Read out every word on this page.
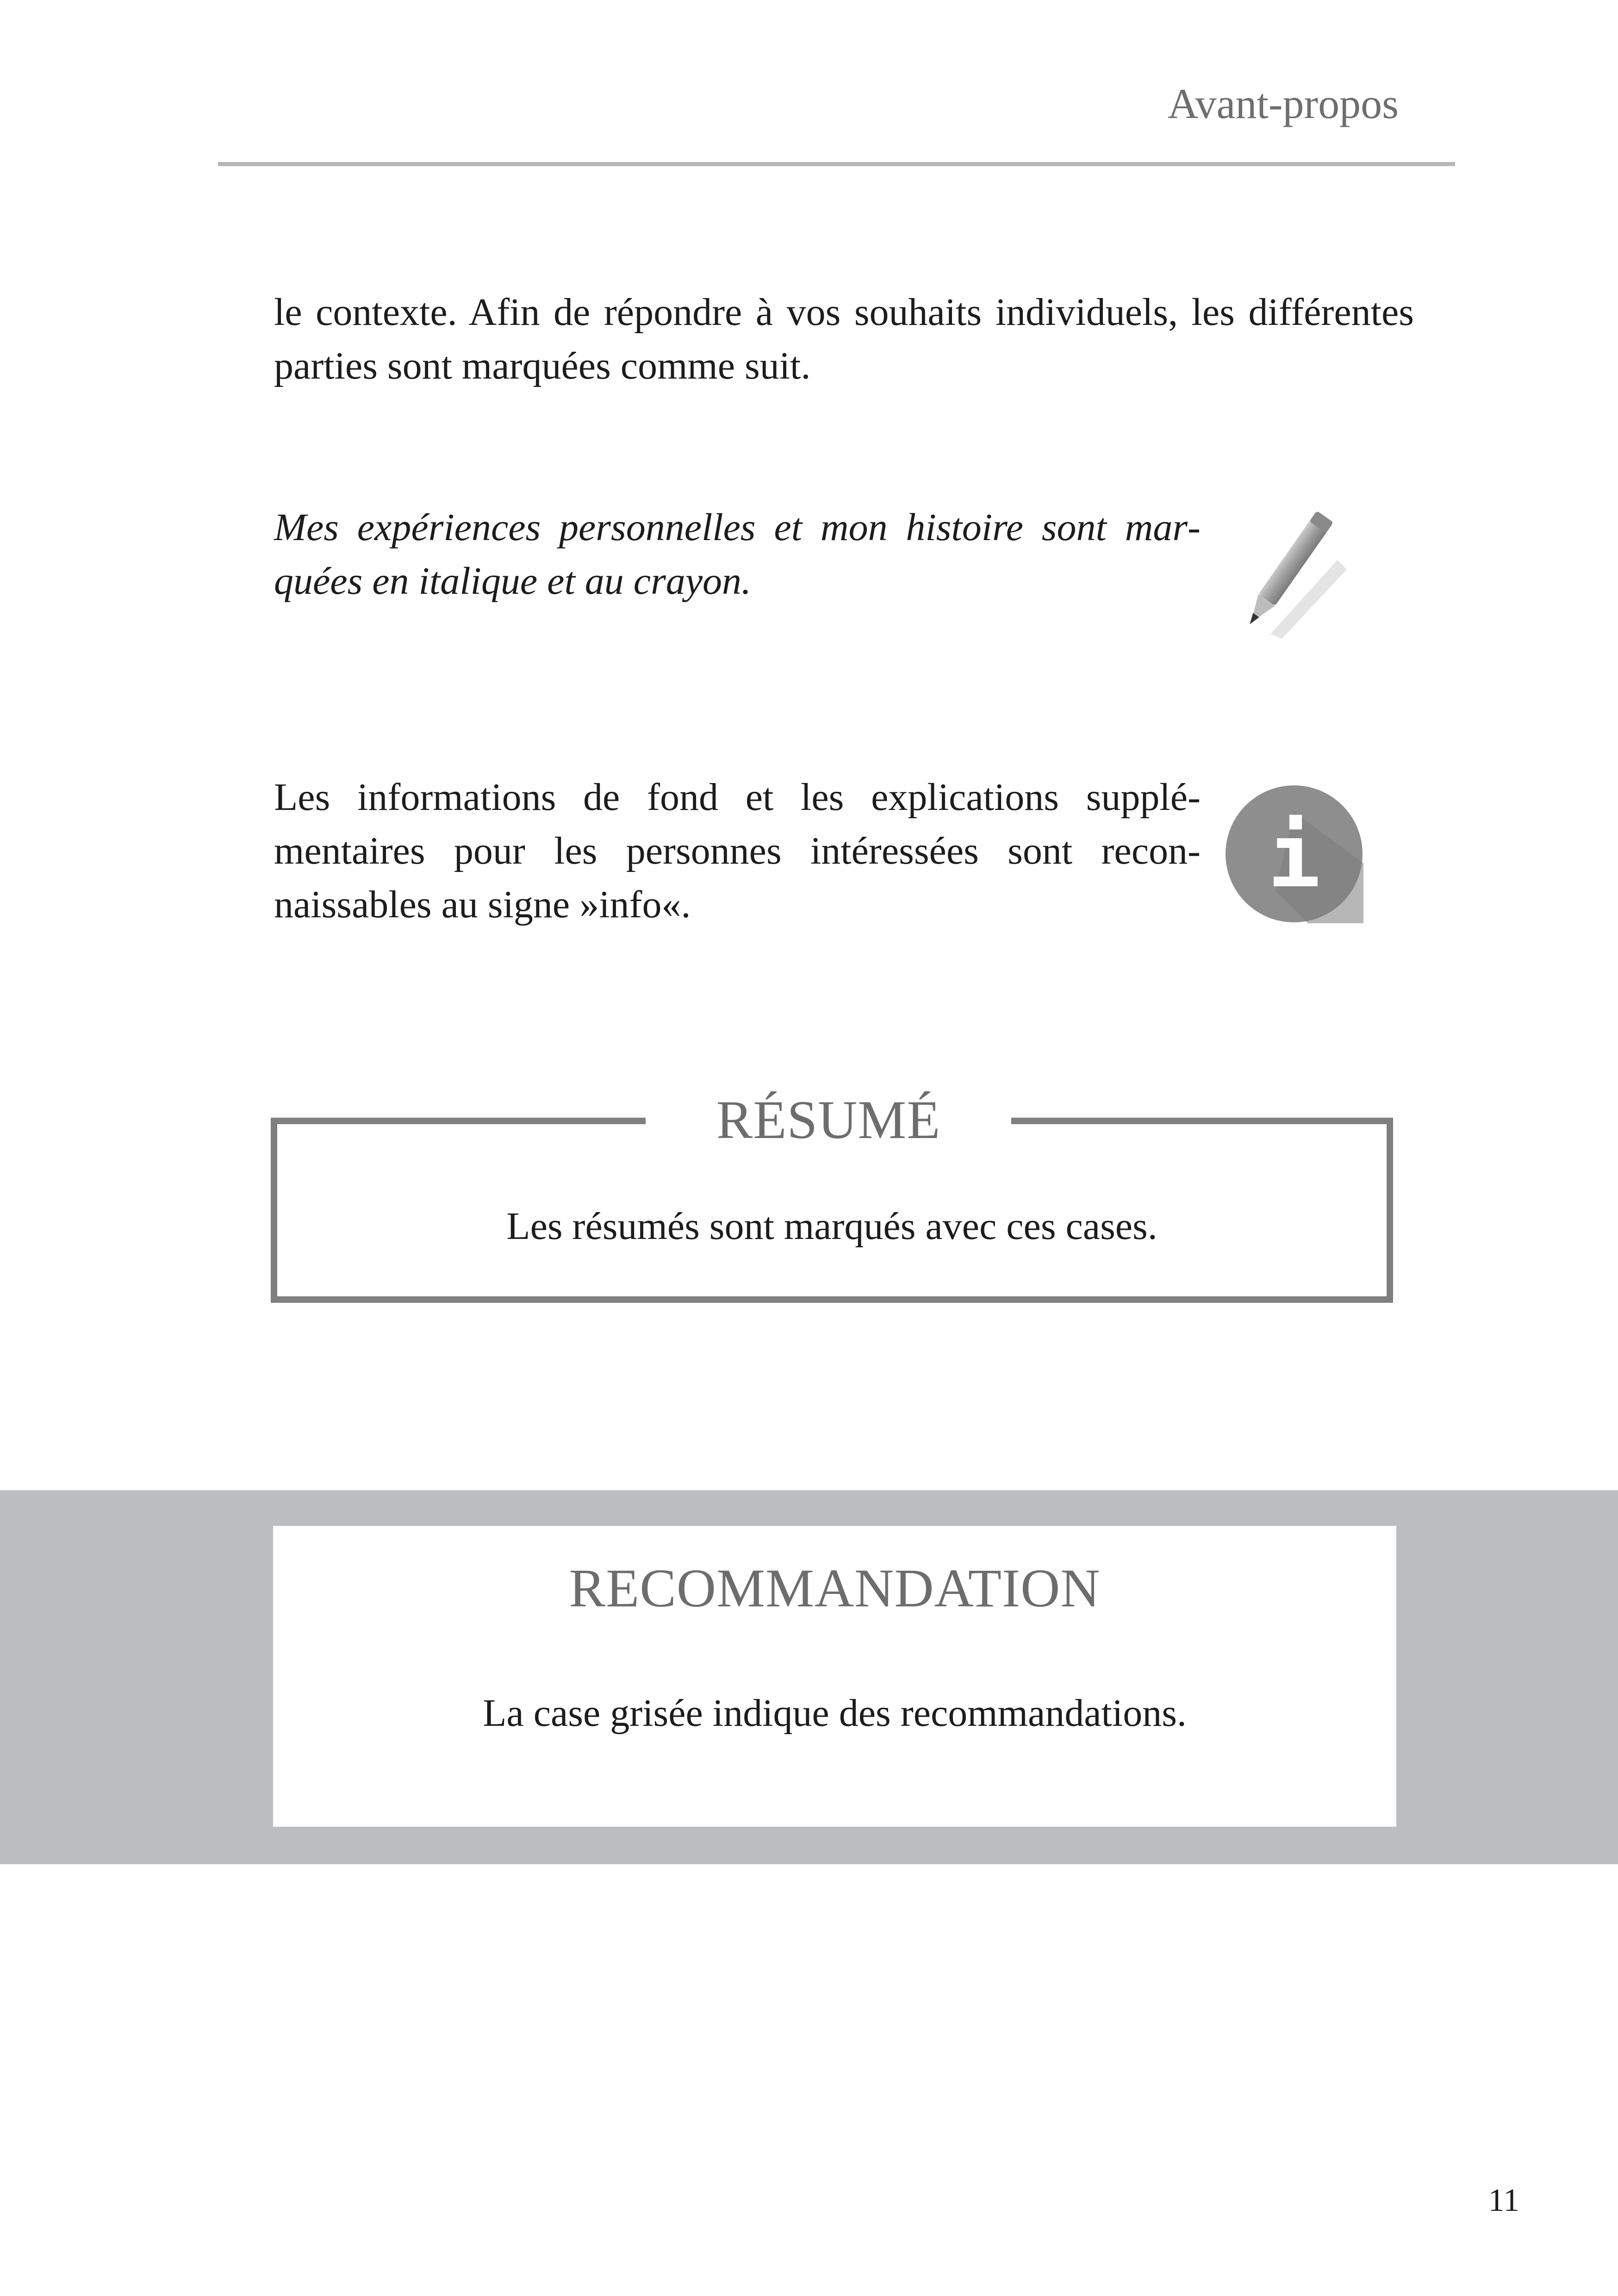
Avant-propos

le contexte. Afin de répondre à vos souhaits individuels, les différentes parties sont marquées comme suit.

Mes expériences personnelles et mon histoire sont marquées en italique et au crayon.

Les informations de fond et les explications supplémentaires pour les personnes intéressées sont reconnaissables au signe »info«.	i
RÉSUMÉ
Les résumés sont marqués avec ces cases.
RECOMMANDATION
La case grisée indique des recommandations.
11
